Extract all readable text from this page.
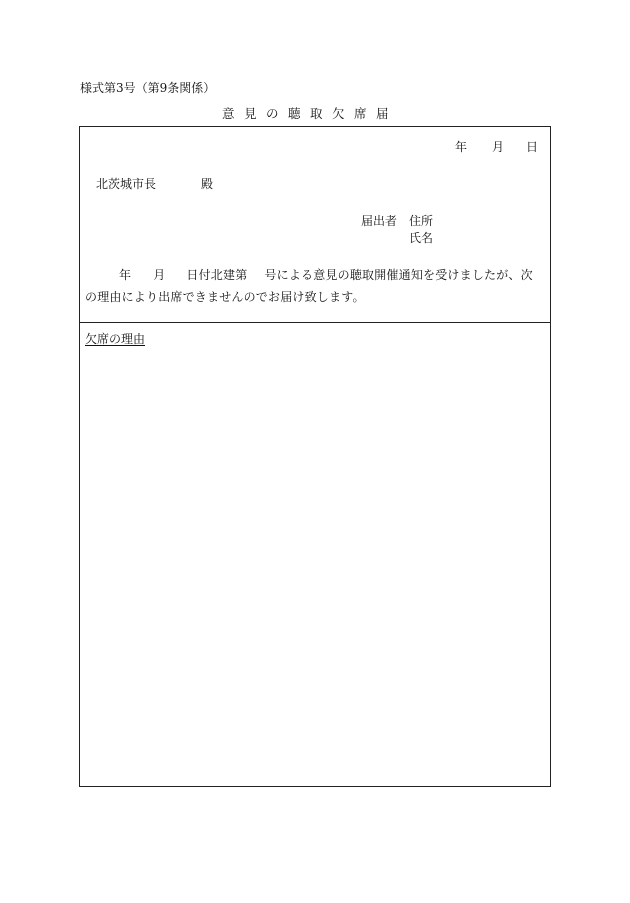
様式第3号（第9条関係）
意見の聴取欠席届
年 月 日
北茨城市長	殿
届出者 住所
氏名

年 月 日付北建第 号による意見の聴取開催通知を受けましたが、次の理由により出席できませんのでお届け致します。

欠席の理由
